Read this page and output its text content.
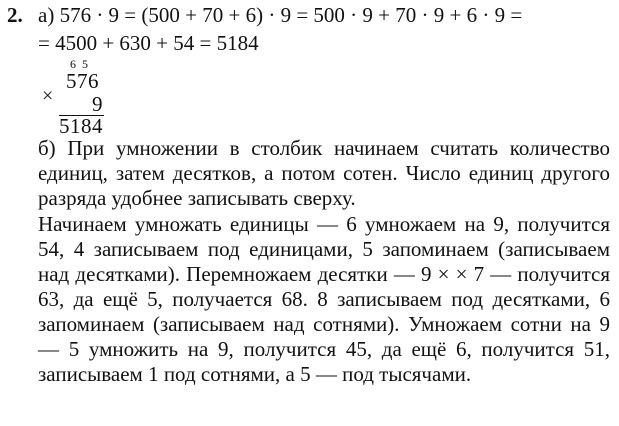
2. а) 576 · 9 = (500 + 70 + 6) · 9 = 500 · 9 + 70 · 9 + 6 · 9 =
= 4500 + 630 + 54 = 5184
6 5
×
576
9
5184
б) При умножении в столбик начинаем считать количество единиц, затем десятков, а потом сотен. Число единиц другого разряда удобнее записывать сверху.
Начинаем умножать единицы — 6 умножаем на 9, получится 54, 4 записываем под единицами, 5 запоминаем (записываем над десятками). Перемножаем десятки — 9 × × 7 — получится 63, да ещё 5, получается 68. 8 записываем под десятками, 6 запоминаем (записываем над сотнями). Умножаем сотни на 9 — 5 умножить на 9, получится 45, да ещё 6, получится 51, записываем 1 под сотнями, а 5 — под тысячами.
